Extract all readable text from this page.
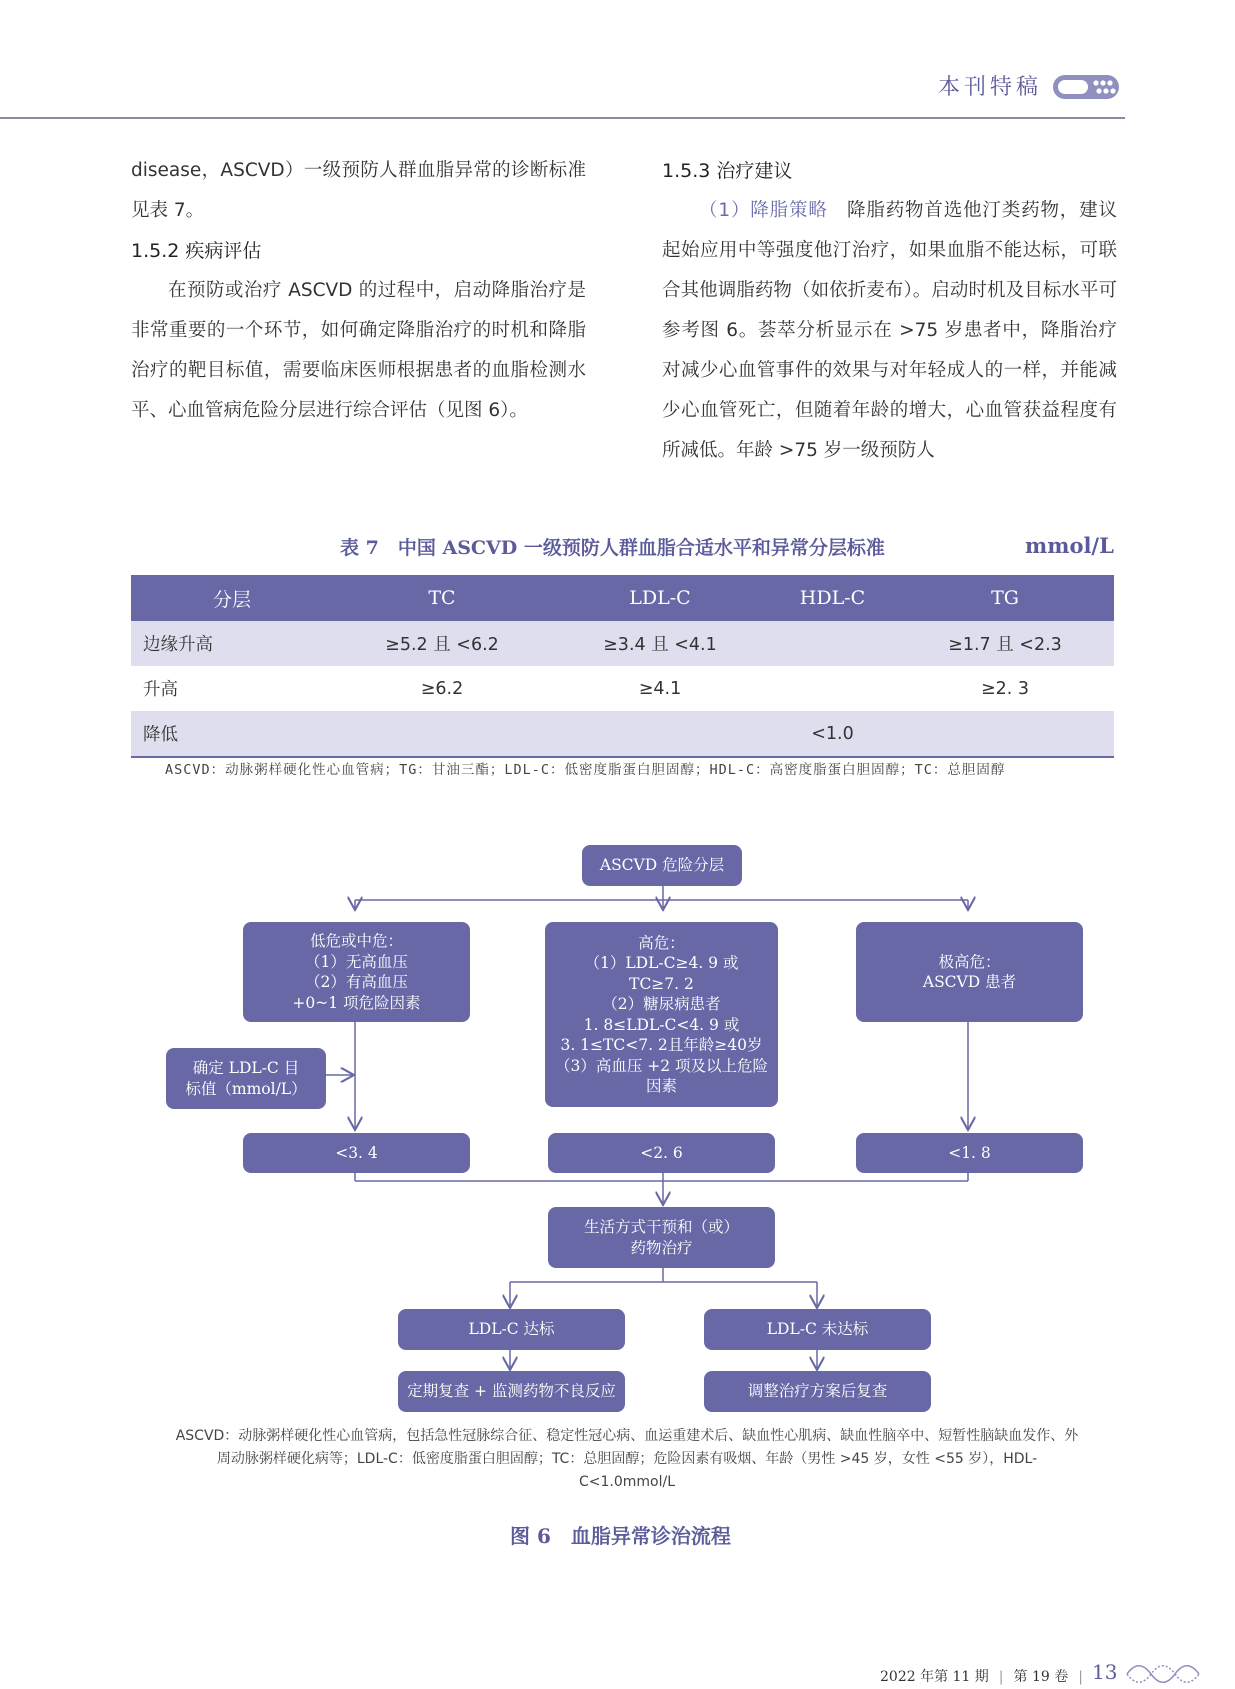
本刊特稿

disease，ASCVD）一级预防人群血脂异常的诊断标准见表 7。

1.5.2 疾病评估

在预防或治疗 ASCVD 的过程中，启动降脂治疗是非常重要的一个环节，如何确定降脂治疗的时机和降脂治疗的靶目标值，需要临床医师根据患者的血脂检测水平、心血管病危险分层进行综合评估（见图 6）。

1.5.3 治疗建议

（1）降脂策略　 降脂药物首选他汀类药物，建议起始应用中等强度他汀治疗，如果血脂不能达标，可联合其他调脂药物（如依折麦布）。启动时机及目标水平可参考图 6。荟萃分析显示在 >75 岁患者中，降脂治疗对减少心血管事件的效果与对年轻成人的一样，并能减少心血管死亡，但随着年龄的增大，心血管获益程度有所减低。年龄 >75 岁一级预防人

表 7　中国 ASCVD 一级预防人群血脂合适水平和异常分层标准	mmol/L
分层	TC	LDL-C	HDL-C	TG
边缘升高	≥5.2 且 <6.2	≥3.4 且 <4.1		≥1.7 且 <2.3
升高	≥6.2	≥4.1		≥2. 3
降低			<1.0	
ASCVD：动脉粥样硬化性心血管病；TG：甘油三酯；LDL-C：低密度脂蛋白胆固醇；HDL-C：高密度脂蛋白胆固醇；TC：总胆固醇
ASCVD 危险分层
低危或中危：
（1）无高血压
（2）有高血压
+0~1 项危险因素
高危：
（1）LDL-C≥4. 9 或
TC≥7. 2
（2）糖尿病患者
1. 8≤LDL-C<4. 9 或
3. 1≤TC<7. 2且年龄≥40岁
（3）高血压 +2 项及以上危险
因素
极高危：
ASCVD 患者
确定 LDL-C 目
标值（mmol/L）
<3. 4	<2. 6	<1. 8
生活方式干预和（或）
药物治疗
LDL-C 达标	LDL-C 未达标
定期复查 + 监测药物不良反应	调整治疗方案后复查
ASCVD：动脉粥样硬化性心血管病，包括急性冠脉综合征、稳定性冠心病、血运重建术后、缺血性心肌病、缺血性脑卒中、短暂性脑缺血发作、外周动脉粥样硬化病等；LDL-C：低密度脂蛋白胆固醇；TC：总胆固醇；危险因素有吸烟、年龄（男性 >45 岁，女性 <55 岁），HDL-C<1.0mmol/L
图 6　血脂异常诊治流程
2022 年第 11 期 | 第 19 卷 | 13
